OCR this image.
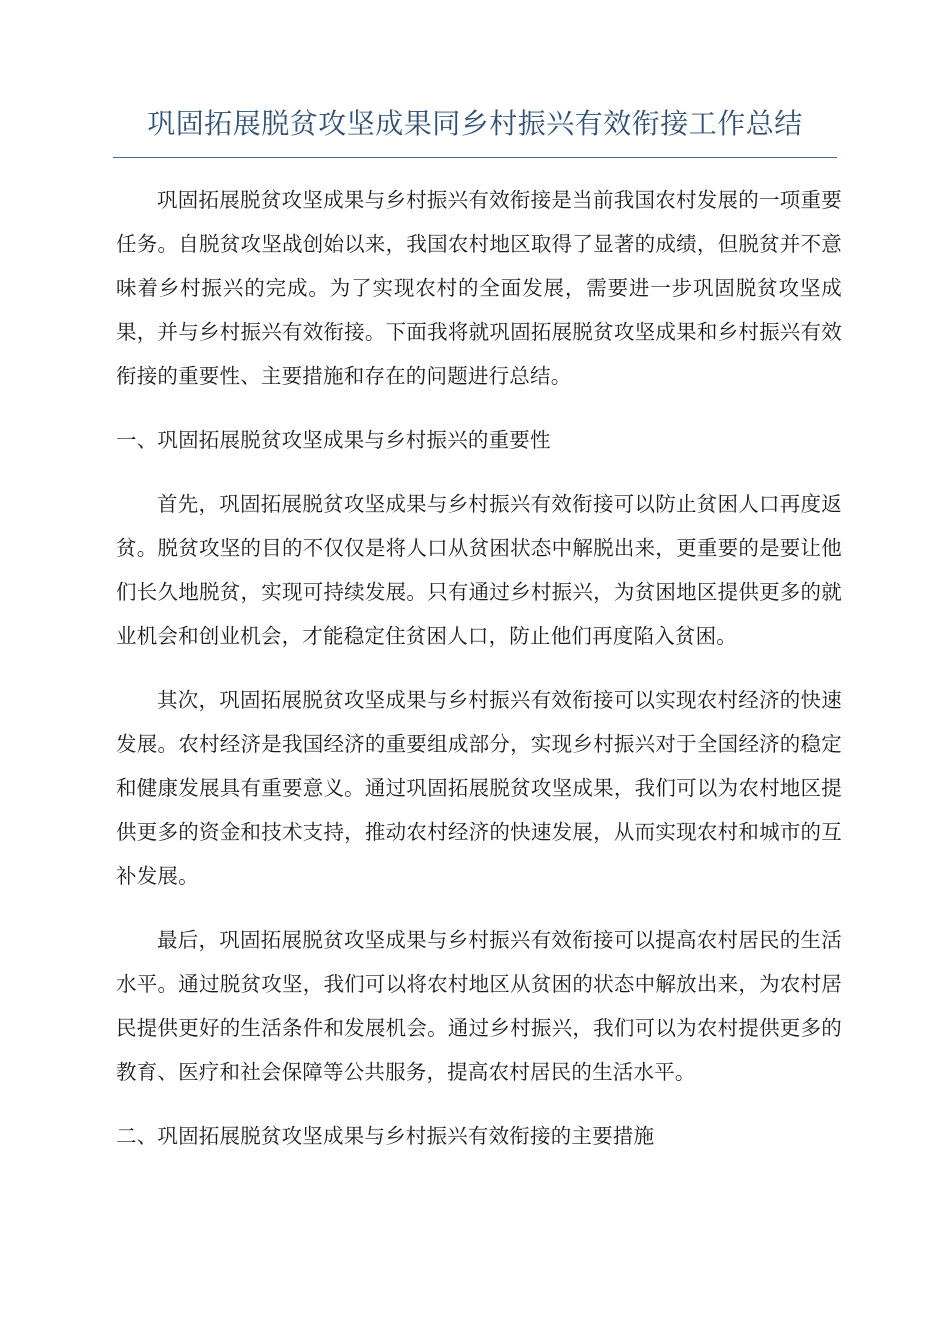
巩固拓展脱贫攻坚成果同乡村振兴有效衔接工作总结

巩固拓展脱贫攻坚成果与乡村振兴有效衔接是当前我国农村发展的一项重要任务。自脱贫攻坚战创始以来，我国农村地区取得了显著的成绩，但脱贫并不意味着乡村振兴的完成。为了实现农村的全面发展，需要进一步巩固脱贫攻坚成果，并与乡村振兴有效衔接。下面我将就巩固拓展脱贫攻坚成果和乡村振兴有效衔接的重要性、主要措施和存在的问题进行总结。

一、巩固拓展脱贫攻坚成果与乡村振兴的重要性

首先，巩固拓展脱贫攻坚成果与乡村振兴有效衔接可以防止贫困人口再度返贫。脱贫攻坚的目的不仅仅是将人口从贫困状态中解脱出来，更重要的是要让他们长久地脱贫，实现可持续发展。只有通过乡村振兴，为贫困地区提供更多的就业机会和创业机会，才能稳定住贫困人口，防止他们再度陷入贫困。

其次，巩固拓展脱贫攻坚成果与乡村振兴有效衔接可以实现农村经济的快速发展。农村经济是我国经济的重要组成部分，实现乡村振兴对于全国经济的稳定和健康发展具有重要意义。通过巩固拓展脱贫攻坚成果，我们可以为农村地区提供更多的资金和技术支持，推动农村经济的快速发展，从而实现农村和城市的互补发展。

最后，巩固拓展脱贫攻坚成果与乡村振兴有效衔接可以提高农村居民的生活水平。通过脱贫攻坚，我们可以将农村地区从贫困的状态中解放出来，为农村居民提供更好的生活条件和发展机会。通过乡村振兴，我们可以为农村提供更多的教育、医疗和社会保障等公共服务，提高农村居民的生活水平。

二、巩固拓展脱贫攻坚成果与乡村振兴有效衔接的主要措施
